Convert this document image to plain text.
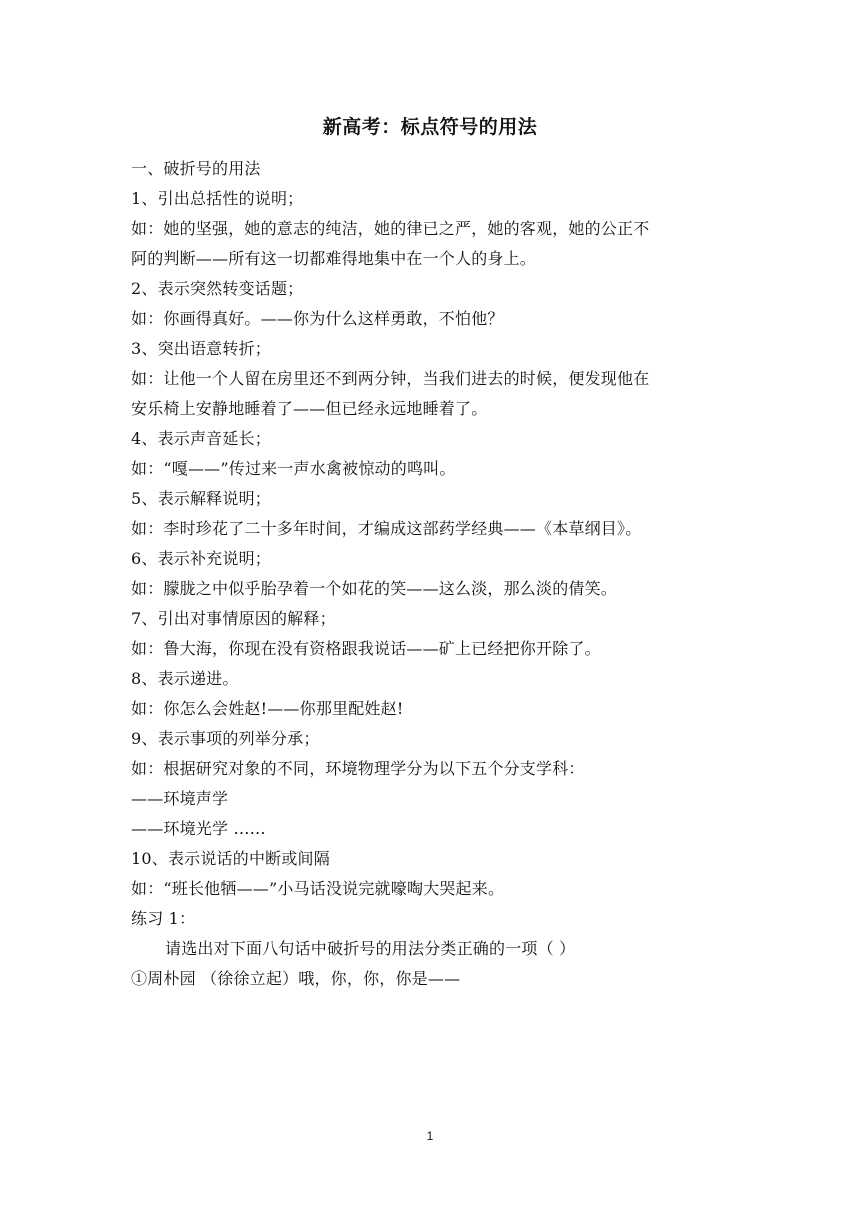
新高考：标点符号的用法
一、破折号的用法
1、引出总括性的说明；
如：她的坚强，她的意志的纯洁，她的律已之严，她的客观，她的公正不
阿的判断——所有这一切都难得地集中在一个人的身上。
2、表示突然转变话题；
如：你画得真好。——你为什么这样勇敢，不怕他？
3、突出语意转折；
如：让他一个人留在房里还不到两分钟，当我们进去的时候，便发现他在
安乐椅上安静地睡着了——但已经永远地睡着了。
4、表示声音延长；
如：“嘎——”传过来一声水禽被惊动的鸣叫。
5、表示解释说明；
如：李时珍花了二十多年时间，才编成这部药学经典——《本草纲目》。
6、表示补充说明；
如：朦胧之中似乎胎孕着一个如花的笑——这么淡，那么淡的倩笑。
7、引出对事情原因的解释；
如：鲁大海，你现在没有资格跟我说话——矿上已经把你开除了。
8、表示递进。
如：你怎么会姓赵!——你那里配姓赵!
9、表示事项的列举分承；
如：根据研究对象的不同，环境物理学分为以下五个分支学科：
——环境声学
——环境光学 ……
10、表示说话的中断或间隔
如：“班长他牺——”小马话没说完就嚎啕大哭起来。
练习 1：
请选出对下面八句话中破折号的用法分类正确的一项（ ）
①周朴园 （徐徐立起）哦，你，你，你是——
1
